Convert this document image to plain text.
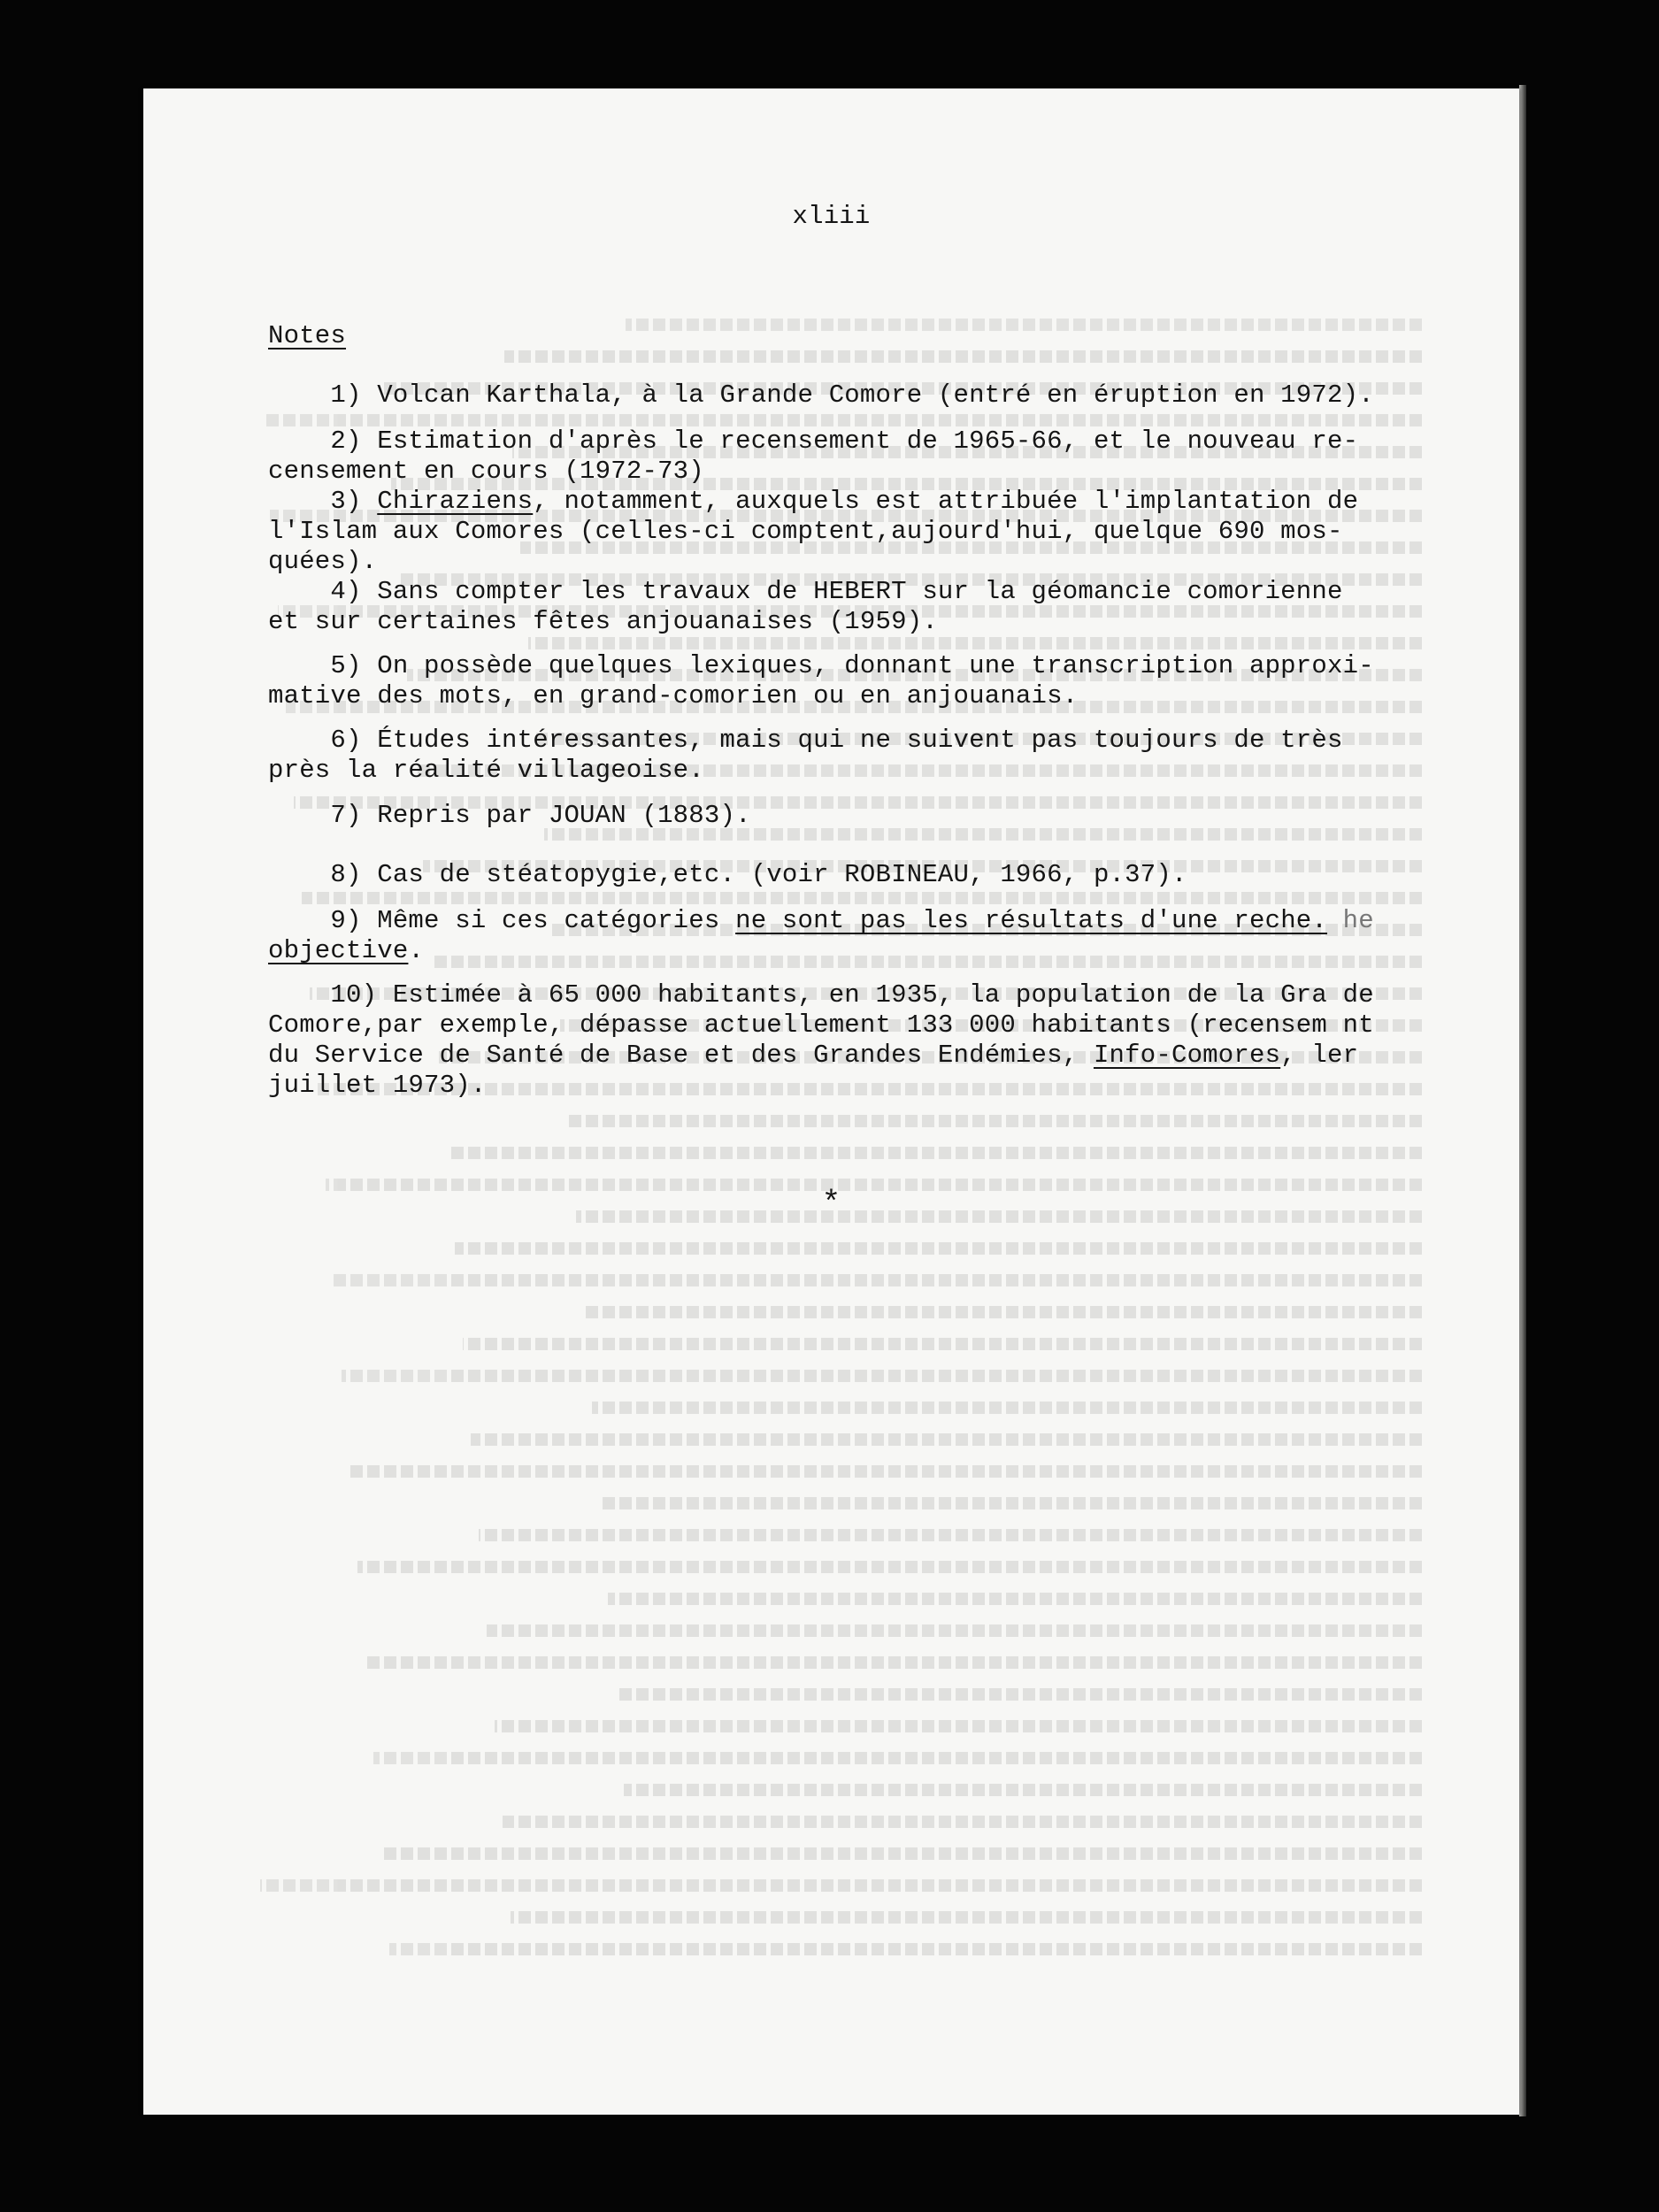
xliii
Notes
1) Volcan Karthala, à la Grande Comore (entré en éruption en 1972).
2) Estimation d'après le recensement de 1965-66, et le nouveau re-
censement en cours (1972-73)
3) Chiraziens, notamment, auxquels est attribuée l'implantation de
l'Islam aux Comores (celles-ci comptent,aujourd'hui, quelque 690 mos-
quées).
4) Sans compter les travaux de HEBERT sur la géomancie comorienne
et sur certaines fêtes anjouanaises (1959).
5) On possède quelques lexiques, donnant une transcription approxi-
mative des mots, en grand-comorien ou en anjouanais.
6) Études intéressantes, mais qui ne suivent pas toujours de très
près la réalité villageoise.
7) Repris par JOUAN (1883).
8) Cas de stéatopygie,etc. (voir ROBINEAU, 1966, p.37).
9) Même si ces catégories ne sont pas les résultats d'une reche. he
objective.
10) Estimée à 65 000 habitants, en 1935, la population de la Gra de
Comore,par exemple, dépasse actuellement 133 000 habitants (recensem nt
du Service de Santé de Base et des Grandes Endémies, Info-Comores, ler
juillet 1973).
*
